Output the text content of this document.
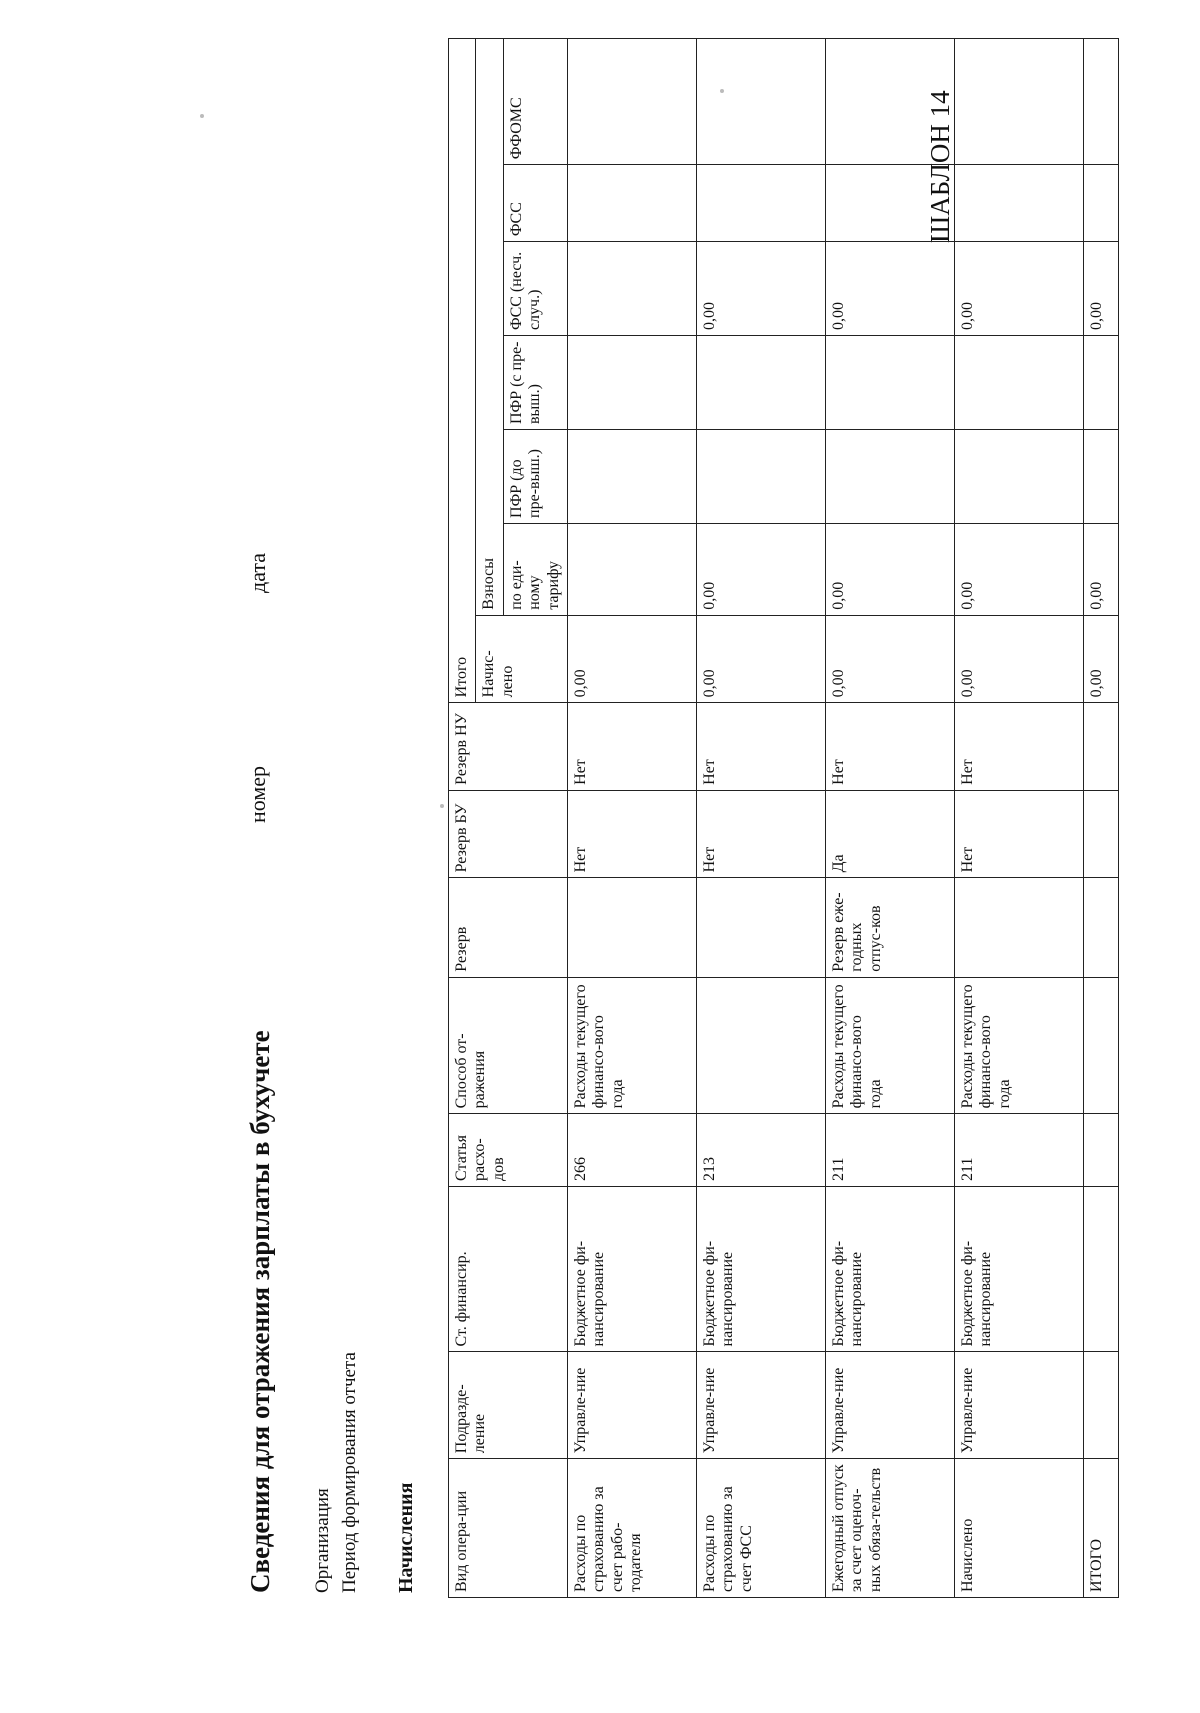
Сведения для отражения зарплаты в бухучете
ШАБЛОН 14
номер
дата
Организация Период формирования отчета Начисления Вид опера-ции	Подразде-ление	Ст. финансир.	Статья расхо-дов	Способ от-ражения	Резерв	Резерв БУ	Резерв НУ	Итого						
								Начис-лено	Взносы					
									по еди-ному тарифу	ПФР (до пре-выш.)	ПФР (с пре-выш.)	ФСС (несч. случ.)	ФСС	ФФОМС
Расходы по страхованию за счет рабо-тодателя	Управле-ние	Бюджетное фи-нансирование	266	Расходы текущего финансо-вого года		Нет	Нет	0,00						
Расходы по страхованию за счет ФСС	Управле-ние	Бюджетное фи-нансирование	213			Нет	Нет	0,00	0,00			0,00		
Ежегодный отпуск за счет оценоч-ных обяза-тельств	Управле-ние	Бюджетное фи-нансирование	211	Расходы текущего финансо-вого года	Резерв еже-годных отпус-ков	Да	Нет	0,00	0,00			0,00		
Начислено	Управле-ние	Бюджетное фи-нансирование	211	Расходы текущего финансо-вого года		Нет	Нет	0,00	0,00			0,00		
ИТОГО								0,00	0,00			0,00		
